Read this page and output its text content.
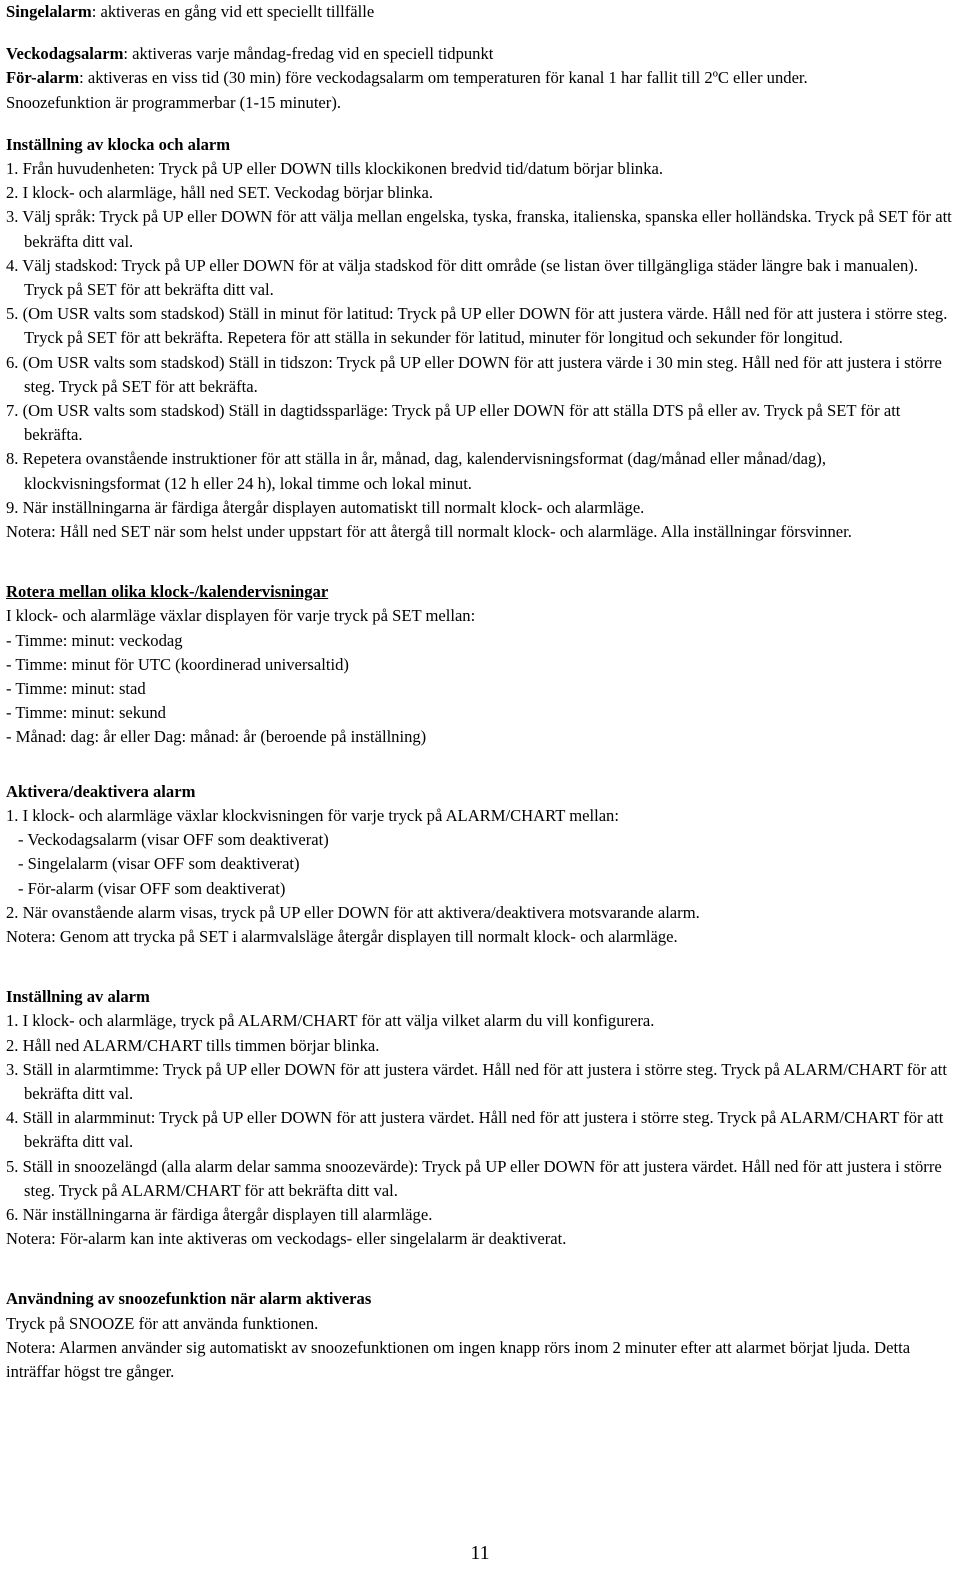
Singelalarm: aktiveras en gång vid ett speciellt tillfälle

Veckodagsalarm: aktiveras varje måndag-fredag vid en speciell tidpunkt

För-alarm: aktiveras en viss tid (30 min) före veckodagsalarm om temperaturen för kanal 1 har fallit till 2ºC eller under.

Snoozefunktion är programmerbar (1-15 minuter).

Inställning av klocka och alarm

1. Från huvudenheten: Tryck på UP eller DOWN tills klockikonen bredvid tid/datum börjar blinka.

2. I klock- och alarmläge, håll ned SET. Veckodag börjar blinka.

3. Välj språk: Tryck på UP eller DOWN för att välja mellan engelska, tyska, franska, italienska, spanska eller holländska. Tryck på SET för att bekräfta ditt val.

4. Välj stadskod: Tryck på UP eller DOWN för at välja stadskod för ditt område (se listan över tillgängliga städer längre bak i manualen). Tryck på SET för att bekräfta ditt val.

5. (Om USR valts som stadskod) Ställ in minut för latitud: Tryck på UP eller DOWN för att justera värde. Håll ned för att justera i större steg. Tryck på SET för att bekräfta. Repetera för att ställa in sekunder för latitud, minuter för longitud och sekunder för longitud.

6. (Om USR valts som stadskod) Ställ in tidszon: Tryck på UP eller DOWN för att justera värde i 30 min steg. Håll ned för att justera i större steg. Tryck på SET för att bekräfta.

7. (Om USR valts som stadskod) Ställ in dagtidssparläge: Tryck på UP eller DOWN för att ställa DTS på eller av. Tryck på SET för att bekräfta.

8. Repetera ovanstående instruktioner för att ställa in år, månad, dag, kalendervisningsformat (dag/månad eller månad/dag), klockvisningsformat (12 h eller 24 h), lokal timme och lokal minut.

9. När inställningarna är färdiga återgår displayen automatiskt till normalt klock- och alarmläge.

Notera: Håll ned SET när som helst under uppstart för att återgå till normalt klock- och alarmläge. Alla inställningar försvinner.

Rotera mellan olika klock-/kalendervisningar

I klock- och alarmläge växlar displayen för varje tryck på SET mellan:

- Timme: minut: veckodag

- Timme: minut för UTC (koordinerad universaltid)

- Timme: minut: stad

- Timme: minut: sekund

- Månad: dag: år eller Dag: månad: år (beroende på inställning)

Aktivera/deaktivera alarm

1. I klock- och alarmläge växlar klockvisningen för varje tryck på ALARM/CHART mellan:

- Veckodagsalarm (visar OFF som deaktiverat)

- Singelalarm (visar OFF som deaktiverat)

- För-alarm (visar OFF som deaktiverat)

2. När ovanstående alarm visas, tryck på UP eller DOWN för att aktivera/deaktivera motsvarande alarm.

Notera: Genom att trycka på SET i alarmvalsläge återgår displayen till normalt klock- och alarmläge.

Inställning av alarm

1. I klock- och alarmläge, tryck på ALARM/CHART för att välja vilket alarm du vill konfigurera.

2. Håll ned ALARM/CHART tills timmen börjar blinka.

3. Ställ in alarmtimme: Tryck på UP eller DOWN för att justera värdet. Håll ned för att justera i större steg. Tryck på ALARM/CHART för att bekräfta ditt val.

4. Ställ in alarmminut: Tryck på UP eller DOWN för att justera värdet. Håll ned för att justera i större steg. Tryck på ALARM/CHART för att bekräfta ditt val.

5. Ställ in snoozelängd (alla alarm delar samma snoozevärde): Tryck på UP eller DOWN för att justera värdet. Håll ned för att justera i större steg. Tryck på ALARM/CHART för att bekräfta ditt val.

6. När inställningarna är färdiga återgår displayen till alarmläge.

Notera: För-alarm kan inte aktiveras om veckodags- eller singelalarm är deaktiverat.

Användning av snoozefunktion när alarm aktiveras

Tryck på SNOOZE för att använda funktionen.

Notera: Alarmen använder sig automatiskt av snoozefunktionen om ingen knapp rörs inom 2 minuter efter att alarmet börjat ljuda. Detta inträffar högst tre gånger.

11
